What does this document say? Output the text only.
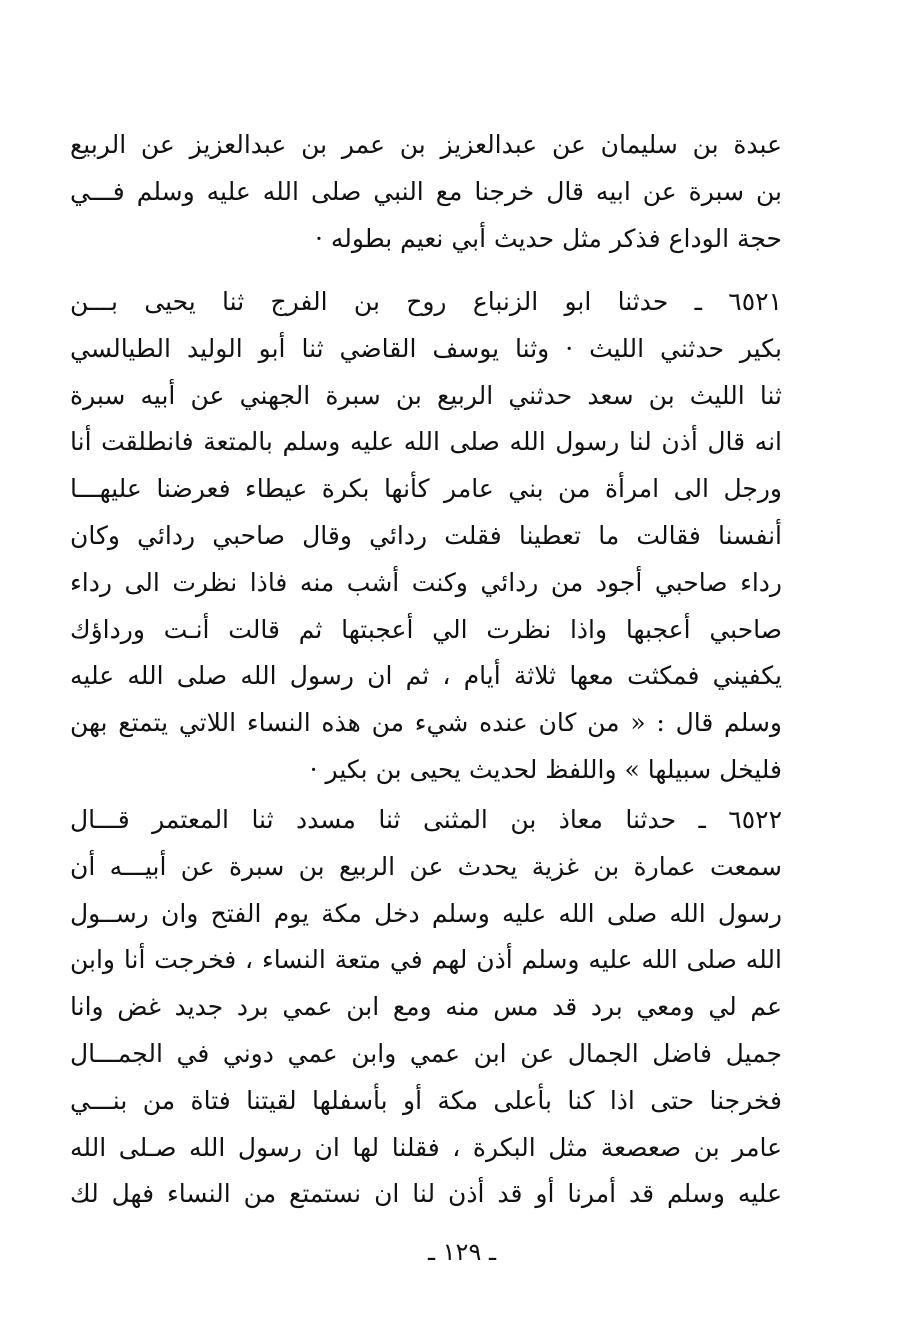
عبدة بن سليمان عن عبدالعزيز بن عمر بن عبدالعزيز عن الربيع
بن سبرة عن ابيه قال خرجنا مع النبي صلى الله عليه وسلم فـــي
حجة الوداع فذكر مثل حديث أبي نعيم بطوله ·
٦٥٢١ ـ حدثنا ابو الزنباع روح بن الفرج ثنا يحيى بـــن
بكير حدثني الليث · وثنا يوسف القاضي ثنا أبو الوليد الطيالسي
ثنا الليث بن سعد حدثني الربيع بن سبرة الجهني عن أبيه سبرة
انه قال أذن لنا رسول الله صلى الله عليه وسلم بالمتعة فانطلقت أنا
ورجل الى امرأة من بني عامر كأنها بكرة عيطاء فعرضنا عليهـــا
أنفسنا فقالت ما تعطينا فقلت ردائي وقال صاحبي ردائي وكان
رداء صاحبي أجود من ردائي وكنت أشب منه فاذا نظرت الى رداء
صاحبي أعجبها واذا نظرت الي أعجبتها ثم قالت أنـت ورداؤك
يكفيني فمكثت معها ثلاثة أيام ، ثم ان رسول الله صلى الله عليه
وسلم قال : « من كان عنده شيء من هذه النساء اللاتي يتمتع بهن
فليخل سبيلها » واللفظ لحديث يحيى بن بكير ·
٦٥٢٢ ـ حدثنا معاذ بن المثنى ثنا مسدد ثنا المعتمر قـــال
سمعت عمارة بن غزية يحدث عن الربيع بن سبرة عن أبيـــه أن
رسول الله صلى الله عليه وسلم دخل مكة يوم الفتح وان رســول
الله صلى الله عليه وسلم أذن لهم في متعة النساء ، فخرجت أنا وابن
عم لي ومعي برد قد مس منه ومع ابن عمي برد جديد غض وانا
جميل فاضل الجمال عن ابن عمي وابن عمي دوني في الجمـــال
فخرجنا حتى اذا كنا بأعلى مكة أو بأسفلها لقيتنا فتاة من بنـــي
عامر بن صعصعة مثل البكرة ، فقلنا لها ان رسول الله صـلى الله
عليه وسلم قد أمرنا أو قد أذن لنا ان نستمتع من النساء فهل لك
ـ ١٢٩ ـ
